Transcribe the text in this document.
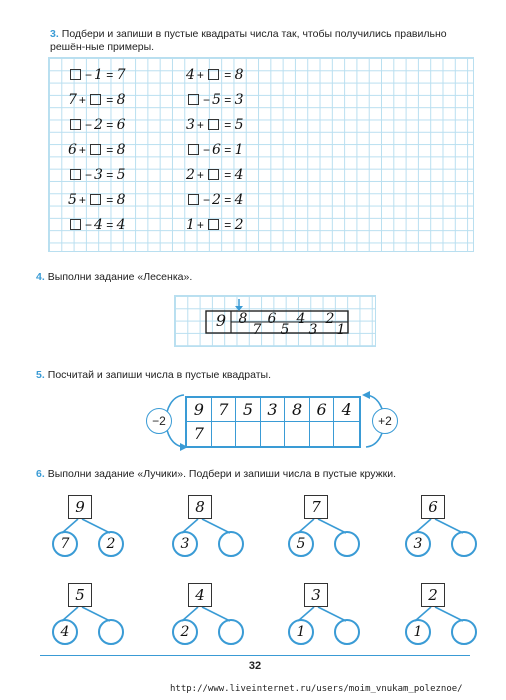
3. Подбери и запиши в пустые квадраты числа так, чтобы получились правильно решён-ные примеры.
− 1 = 7
7 + = 8
− 2 = 6
6 + = 8
− 3 = 5
5 + = 8
− 4 = 4
4 + = 8
− 5 = 3
3 + = 5
− 6 = 1
2 + = 4
− 2 = 4
1 + = 2
4. Выполни задание «Лесенка».
9 8	6	4	2
7	5	3	1
5. Посчитай и запиши числа в пустые квадраты.
−2	+2
9 7 5 3 8 6 4
7
6. Выполни задание «Лучики». Подбери и запиши числа в пустые кружки.
9
7	2
8
3
7
5
6
3
5
4
4
2
3
1
2
1
32
http://www.liveinternet.ru/users/moim_vnukam_poleznoe/
